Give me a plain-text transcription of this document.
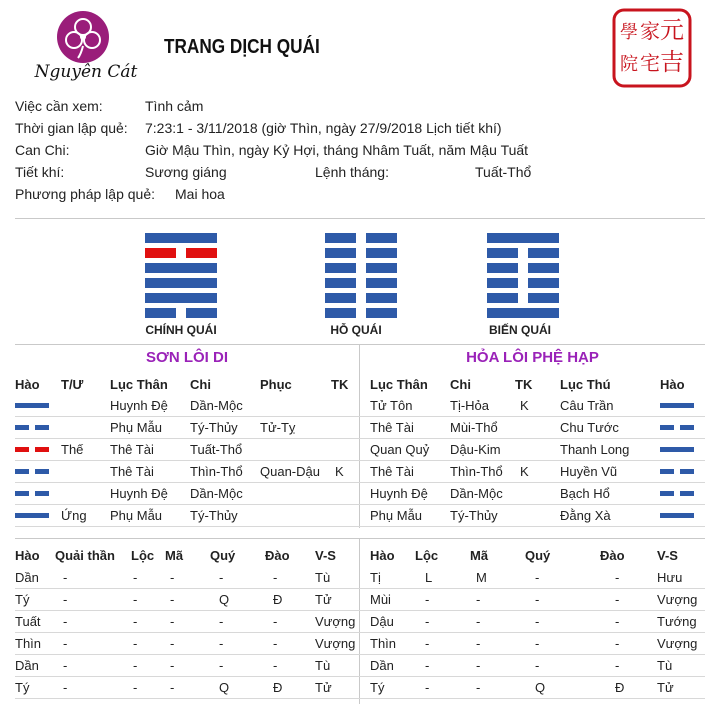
Nguyên Cát
TRANG DỊCH QUÁI
元
吉
家
宅
學
院
Việc cần xem:	Tình cảm
Thời gian lập quẻ: 7:23:1 - 3/11/2018 (giờ Thìn, ngày 27/9/2018 Lịch tiết khí)
Can Chi:	Giờ Mậu Thìn, ngày Kỷ Hợi, tháng Nhâm Tuất, năm Mậu Tuất
Tiết khí:	Sương giáng	Lệnh tháng:	Tuất-Thổ
Phương pháp lập quẻ: Mai hoa
CHÍNH QUÁI	HỖ QUÁI	BIẾN QUÁI
SƠN LÔI DI	HỎA LÔI PHỆ HẠP
Hào T/Ư Lục Thân Chi	Phục	TK Lục Thân Chi	TK Lục Thú	Hào
Huynh Đệ Dần-Mộc	Tử Tôn	Tị-Hỏa K Câu Trần
Phụ Mẫu Tý-Thủy Tử-Tỵ	Thê Tài	Mùi-Thổ	Chu Tước
Thế Thê Tài	Tuất-Thổ	Quan Quỷ Dậu-Kim	Thanh Long
Thê Tài	Thìn-Thổ Quan-Dậu K Thê Tài	Thìn-Thổ K Huyền Vũ
Huynh Đệ Dần-Mộc	Huynh Đệ Dần-Mộc	Bạch Hổ
Ứng Phụ Mẫu Tý-Thủy	Phụ Mẫu Tý-Thủy	Đằng Xà
Hào Quải thần Lộc Mã Quý Đào V-S	Hào Lộc Mã	Quý	Đào V-S
Dần -	-	-	-	-	Tù	Tị	L	M	-	-	Hưu
Tý	-	-	-	Q	Đ	Tử	Mùi	-	-	-	-	Vượng
Tuất -	-	-	-	-	Vượng Dậu -	-	-	-	Tướng
Thìn -	-	-	-	-	Vượng Thìn -	-	-	-	Vượng
Dần -	-	-	-	-	Tù	Dần -	-	-	-	Tù
Tý	-	-	-	Q	Đ	Tử	Tý	-	-	Q	Đ	Tử
